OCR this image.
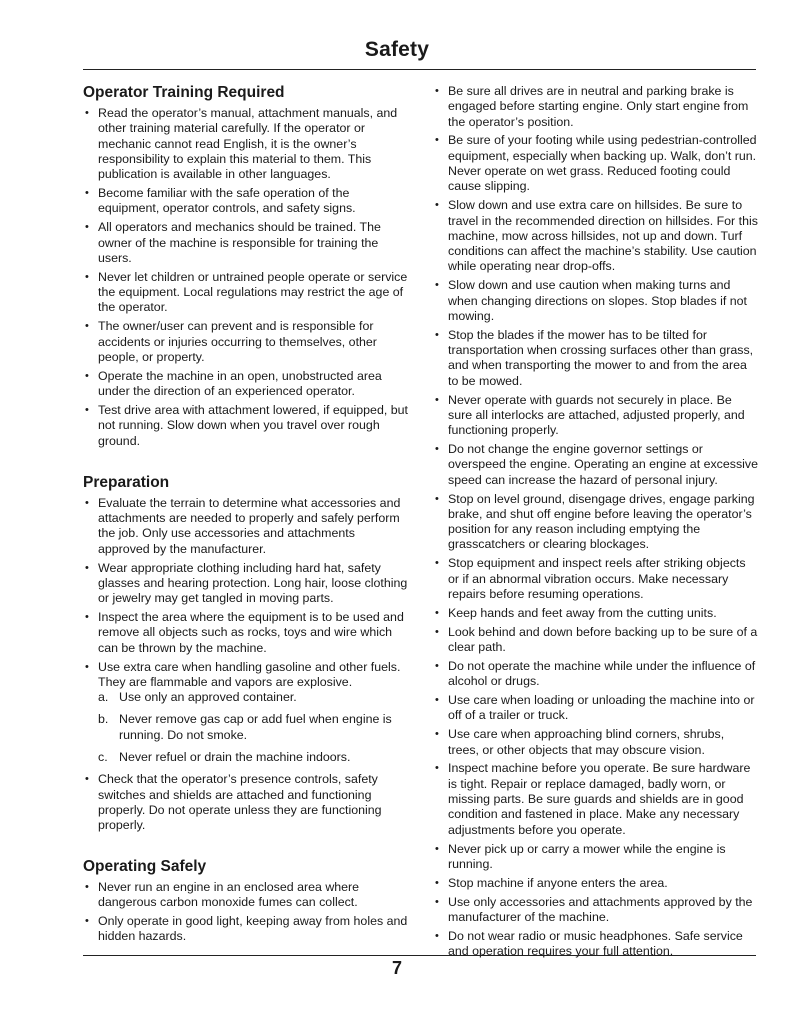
Safety
Operator Training Required
• Read the operator’s manual, attachment manuals, and other training material carefully. If the operator or mechanic cannot read English, it is the owner’s responsibility to explain this material to them. This publication is available in other languages.
• Become familiar with the safe operation of the equipment, operator controls, and safety signs.
• All operators and mechanics should be trained. The owner of the machine is responsible for training the users.
• Never let children or untrained people operate or service the equipment. Local regulations may restrict the age of the operator.
• The owner/user can prevent and is responsible for accidents or injuries occurring to themselves, other people, or property.
• Operate the machine in an open, unobstructed area under the direction of an experienced operator.
• Test drive area with attachment lowered, if equipped, but not running. Slow down when you travel over rough ground.
Preparation
• Evaluate the terrain to determine what accessories and attachments are needed to properly and safely perform the job. Only use accessories and attachments approved by the manufacturer.
• Wear appropriate clothing including hard hat, safety glasses and hearing protection. Long hair, loose clothing or jewelry may get tangled in moving parts.
• Inspect the area where the equipment is to be used and remove all objects such as rocks, toys and wire which can be thrown by the machine.
• Use extra care when handling gasoline and other fuels. They are flammable and vapors are explosive.
a. Use only an approved container.
b. Never remove gas cap or add fuel when engine is running. Do not smoke.
c. Never refuel or drain the machine indoors.
• Check that the operator’s presence controls, safety switches and shields are attached and functioning properly. Do not operate unless they are functioning properly.
Operating Safely
• Never run an engine in an enclosed area where dangerous carbon monoxide fumes can collect.
• Only operate in good light, keeping away from holes and hidden hazards.
• Be sure all drives are in neutral and parking brake is engaged before starting engine. Only start engine from the operator’s position.
• Be sure of your footing while using pedestrian-controlled equipment, especially when backing up. Walk, don’t run. Never operate on wet grass. Reduced footing could cause slipping.
• Slow down and use extra care on hillsides. Be sure to travel in the recommended direction on hillsides. For this machine, mow across hillsides, not up and down. Turf conditions can affect the machine’s stability. Use caution while operating near drop-offs.
• Slow down and use caution when making turns and when changing directions on slopes. Stop blades if not mowing.
• Stop the blades if the mower has to be tilted for transportation when crossing surfaces other than grass, and when transporting the mower to and from the area to be mowed.
• Never operate with guards not securely in place. Be sure all interlocks are attached, adjusted properly, and functioning properly.
• Do not change the engine governor settings or overspeed the engine. Operating an engine at excessive speed can increase the hazard of personal injury.
• Stop on level ground, disengage drives, engage parking brake, and shut off engine before leaving the operator’s position for any reason including emptying the grasscatchers or clearing blockages.
• Stop equipment and inspect reels after striking objects or if an abnormal vibration occurs. Make necessary repairs before resuming operations.
• Keep hands and feet away from the cutting units.
• Look behind and down before backing up to be sure of a clear path.
• Do not operate the machine while under the influence of alcohol or drugs.
• Use care when loading or unloading the machine into or off of a trailer or truck.
• Use care when approaching blind corners, shrubs, trees, or other objects that may obscure vision.
• Inspect machine before you operate. Be sure hardware is tight. Repair or replace damaged, badly worn, or missing parts. Be sure guards and shields are in good condition and fastened in place. Make any necessary adjustments before you operate.
• Never pick up or carry a mower while the engine is running.
• Stop machine if anyone enters the area.
• Use only accessories and attachments approved by the manufacturer of the machine.
• Do not wear radio or music headphones. Safe service and operation requires your full attention.
7
